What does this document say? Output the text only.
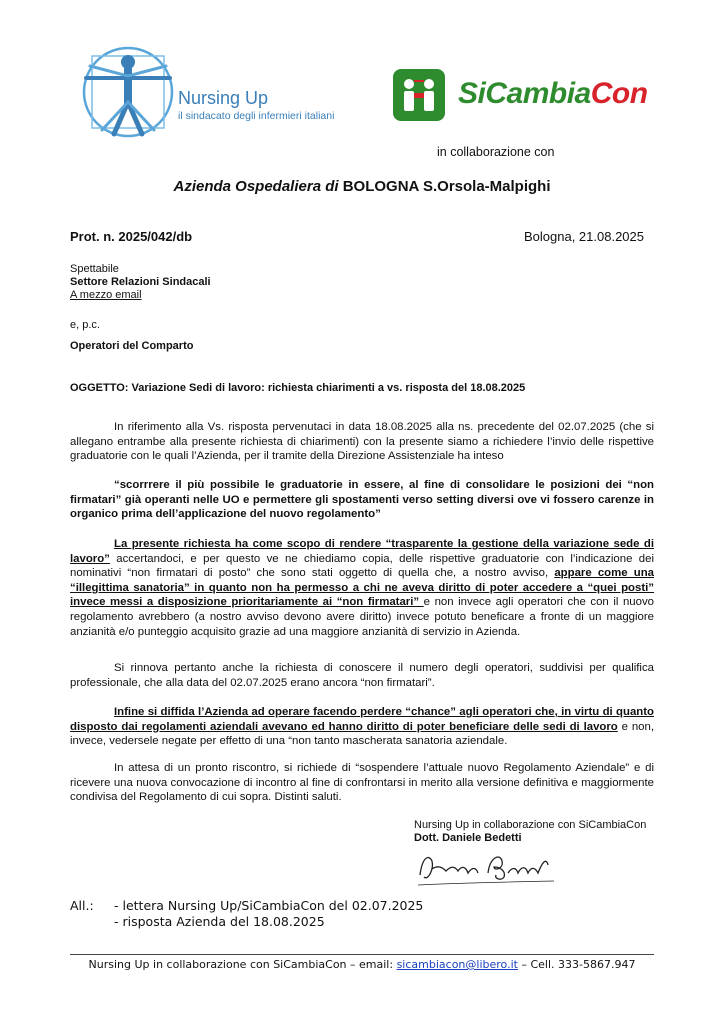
Nursing Up
il sindacato degli infermieri italiani
SiCambiaCon
in collaborazione con
Azienda Ospedaliera di BOLOGNA S.Orsola-Malpighi
Prot. n. 2025/042/db	Bologna, 21.08.2025
Spettabile
Settore Relazioni Sindacali
A mezzo email
e, p.c.
Operatori del Comparto
OGGETTO: Variazione Sedi di lavoro: richiesta chiarimenti a vs. risposta del 18.08.2025
In riferimento alla Vs. risposta pervenutaci in data 18.08.2025 alla ns. precedente del 02.07.2025 (che si allegano entrambe alla presente richiesta di chiarimenti) con la presente siamo a richiedere l’invio delle rispettive graduatorie con le quali l’Azienda, per il tramite della Direzione Assistenziale ha inteso
“scorrrere il più possibile le graduatorie in essere, al fine di consolidare le posizioni dei “non firmatari” già operanti nelle UO e permettere gli spostamenti verso setting diversi ove vi fossero carenze in organico prima dell’applicazione del nuovo regolamento”
La presente richiesta ha come scopo di rendere “trasparente la gestione della variazione sede di lavoro” accertandoci, e per questo ve ne chiediamo copia, delle rispettive graduatorie con l’indicazione dei nominativi “non firmatari di posto” che sono stati oggetto di quella che, a nostro avviso, appare come una “illegittima sanatoria” in quanto non ha permesso a chi ne aveva diritto di poter accedere a “quei posti” invece messi a disposizione prioritariamente ai “non firmatari” e non invece agli operatori che con il nuovo regolamento avrebbero (a nostro avviso devono avere diritto) invece potuto beneficare a fronte di un maggiore anzianità e/o punteggio acquisito grazie ad una maggiore anzianità di servizio in Azienda.
Si rinnova pertanto anche la richiesta di conoscere il numero degli operatori, suddivisi per qualifica professionale, che alla data del 02.07.2025 erano ancora “non firmatari”.
Infine si diffida l’Azienda ad operare facendo perdere “chance” agli operatori che, in virtu di quanto disposto dai regolamenti aziendali avevano ed hanno diritto di poter beneficiare delle sedi di lavoro e non, invece, vedersele negate per effetto di una “non tanto mascherata sanatoria aziendale.
In attesa di un pronto riscontro, si richiede di “sospendere l’attuale nuovo Regolamento Aziendale” e di ricevere una nuova convocazione di incontro al fine di confrontarsi in merito alla versione definitiva e maggiormente condivisa del Regolamento di cui sopra. Distinti saluti.
Nursing Up in collaborazione con SiCambiaCon
Dott. Daniele Bedetti
All.: - lettera Nursing Up/SiCambiaCon del 02.07.2025
- risposta Azienda del 18.08.2025
Nursing Up in collaborazione con SiCambiaCon – email: sicambiacon@libero.it – Cell. 333-5867.947
